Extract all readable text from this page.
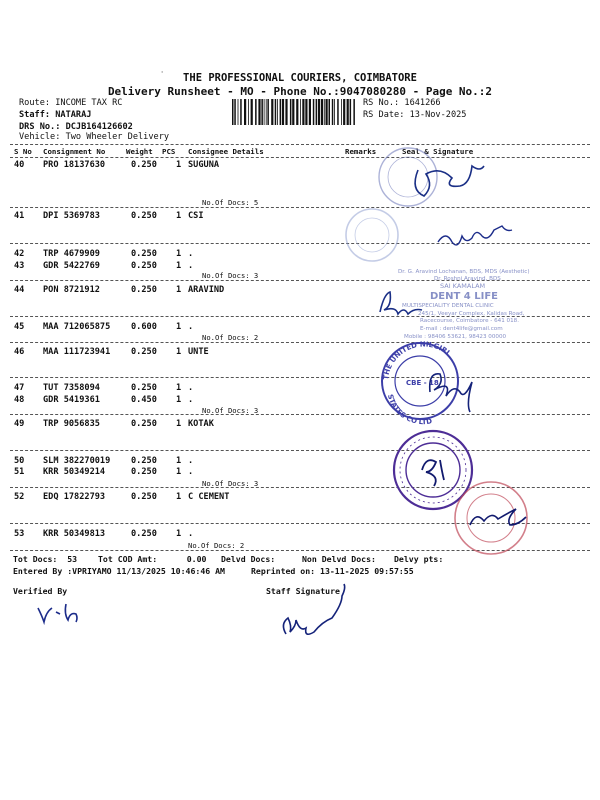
'	THE PROFESSIONAL COURIERS, COIMBATORE
Delivery Runsheet - MO - Phone No.:9047080280 - Page No.:2
Route: INCOME TAX RC
Staff: NATARAJ
DRS No.: DCJB164126602
Vehicle: Two Wheeler Delivery
RS No.: 1641266
RS Date: 13-Nov-2025
S No Consignment No	Weight PCS Consignee Details	Remarks	Seal & Signature
40 PRO 18137630	0.250 1 SUGUNA
No.Of Docs: 5
41 DPI 5369783	0.250 1 CSI
42 TRP 4679909	0.250 1 .
43 GDR 5422769	0.250 1 .
No.Of Docs: 3
44 PON 8721912	0.250 1 ARAVIND
45 MAA 712065875 0.600 1 .
No.Of Docs: 2
46 MAA 111723941 0.250 1 UNTE
47 TUT 7358094	0.250 1 .
48 GDR 5419361	0.450 1 .
No.Of Docs: 3
49 TRP 9056835	0.250 1 KOTAK
50 SLM 382270019 0.250 1 .
51 KRR 50349214	0.250 1 .
No.Of Docs: 3
52 EDQ 17822793	0.250 1 C CEMENT
53 KRR 50349813	0.250 1 .
No.Of Docs: 2
Tot Docs:  53	Tot COD Amt:      0.00 Delvd Docs:	Non Delvd Docs: Delvy pts:
Entered By :VPRIYAMO 11/13/2025 10:46:46 AM	Reprinted on: 13-11-2025 09:57:55
Verified By	Staff Signature
Dr. G. Aravind Lochanan, BDS, MDS (Aesthetic)
Dr. Roshni Aravind, BDS
SAI KAMALAM
DENT 4 LIFE
MULTISPECIALITY DENTAL CLINIC
245/1, Veeyar Complex, Kalidas Road,
Racecourse, Coimbatore - 641 018.
E-mail : dent4life@gmail.com
Mobile : 98406 53621, 98423 00000
THE UNITED NILGIRI
STATES CO LTD
CBE - 18
